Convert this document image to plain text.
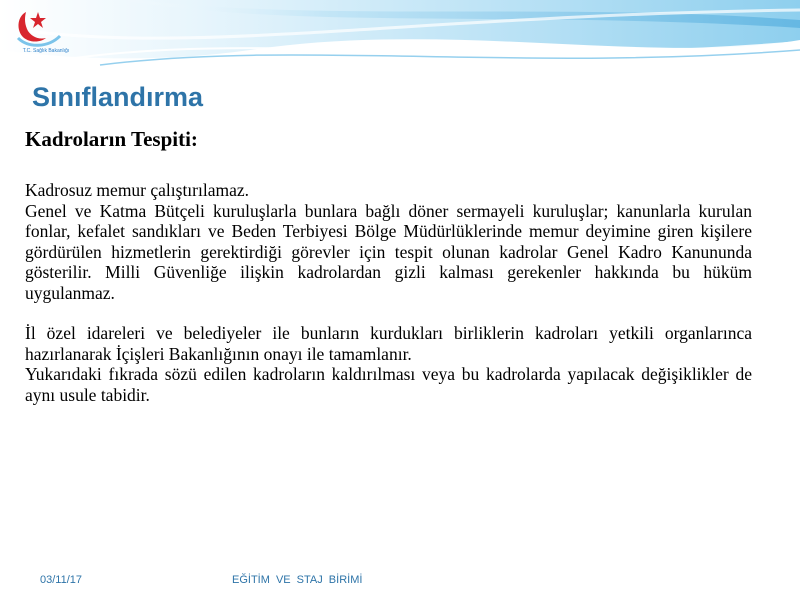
T.C. Sağlık Bakanlığı
Sınıflandırma

Kadroların Tespiti:

Kadrosuz memur çalıştırılamaz.

Genel ve Katma Bütçeli kuruluşlarla bunlara bağlı döner sermayeli kuruluşlar; kanunlarla kurulan fonlar, kefalet sandıkları ve Beden Terbiyesi Bölge Müdürlüklerinde memur deyimine giren kişilere gördürülen hizmetlerin gerektirdiği görevler için tespit olunan kadrolar Genel Kadro Kanununda gösterilir. Milli Güvenliğe ilişkin kadrolardan gizli kalması gerekenler hakkında bu hüküm uygulanmaz.

İl özel idareleri ve belediyeler ile bunların kurdukları birliklerin kadroları yetkili organlarınca hazırlanarak İçişleri Bakanlığının onayı ile tamamlanır.

Yukarıdaki fıkrada sözü edilen kadroların kaldırılması veya bu kadrolarda yapılacak değişiklikler de aynı usule tabidir.

03/11/17	EĞİTİM VE STAJ BİRİMİ
